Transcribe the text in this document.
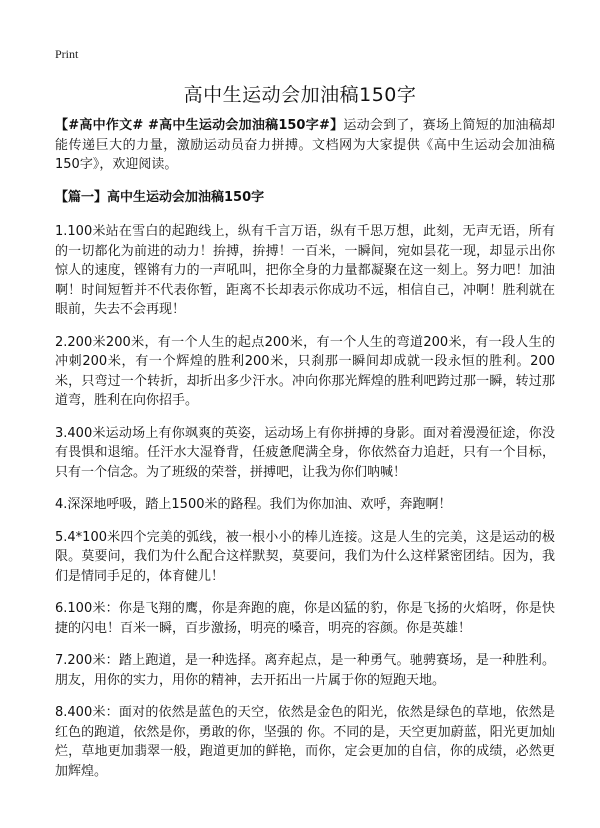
Print
高中生运动会加油稿150字

【#高中作文# #高中生运动会加油稿150字#】运动会到了，赛场上简短的加油稿却能传递巨大的力量，激励运动员奋力拼搏。文档网为大家提供《高中生运动会加油稿150字》，欢迎阅读。

【篇一】高中生运动会加油稿150字

1.100米站在雪白的起跑线上，纵有千言万语，纵有千思万想，此刻，无声无语，所有的一切都化为前进的动力！拚搏，拚搏！一百米，一瞬间，宛如昙花一现，却显示出你惊人的速度，铿锵有力的一声吼叫，把你全身的力量都凝聚在这一刻上。努力吧！加油啊！时间短暂并不代表你暂，距离不长却表示你成功不远，相信自己，冲啊！胜利就在眼前，失去不会再现！

2.200米200米，有一个人生的起点200米，有一个人生的弯道200米，有一段人生的冲刺200米，有一个辉煌的胜利200米，只刹那一瞬间却成就一段永恒的胜利。200米，只弯过一个转折，却折出多少汗水。冲向你那光辉煌的胜利吧跨过那一瞬，转过那道弯，胜利在向你招手。

3.400米运动场上有你飒爽的英姿，运动场上有你拼搏的身影。面对着漫漫征途，你没有畏惧和退缩。任汗水大湿脊背，任疲惫爬满全身，你依然奋力追赶，只有一个目标，只有一个信念。为了班级的荣誉，拼搏吧，让我为你们呐喊！

4.深深地呼吸，踏上1500米的路程。我们为你加油、欢呼，奔跑啊！

5.4*100米四个完美的弧线，被一根小小的棒儿连接。这是人生的完美，这是运动的极限。莫要问，我们为什么配合这样默契，莫要问，我们为什么这样紧密团结。因为，我们是情同手足的，体育健儿！

6.100米：你是飞翔的鹰，你是奔跑的鹿，你是凶猛的豹，你是飞扬的火焰呀，你是快捷的闪电！百米一瞬，百步激扬，明亮的嗓音，明亮的容颜。你是英雄！

7.200米：踏上跑道，是一种选择。离弃起点，是一种勇气。驰骋赛场，是一种胜利。朋友，用你的实力，用你的精神，去开拓出一片属于你的短跑天地。

8.400米：面对的依然是蓝色的天空，依然是金色的阳光，依然是绿色的草地，依然是红色的跑道，依然是你，勇敢的你，坚强的 你。不同的是，天空更加蔚蓝，阳光更加灿烂，草地更加翡翠一般，跑道更加的鲜艳，而你，定会更加的自信，你的成绩，必然更加辉煌。
